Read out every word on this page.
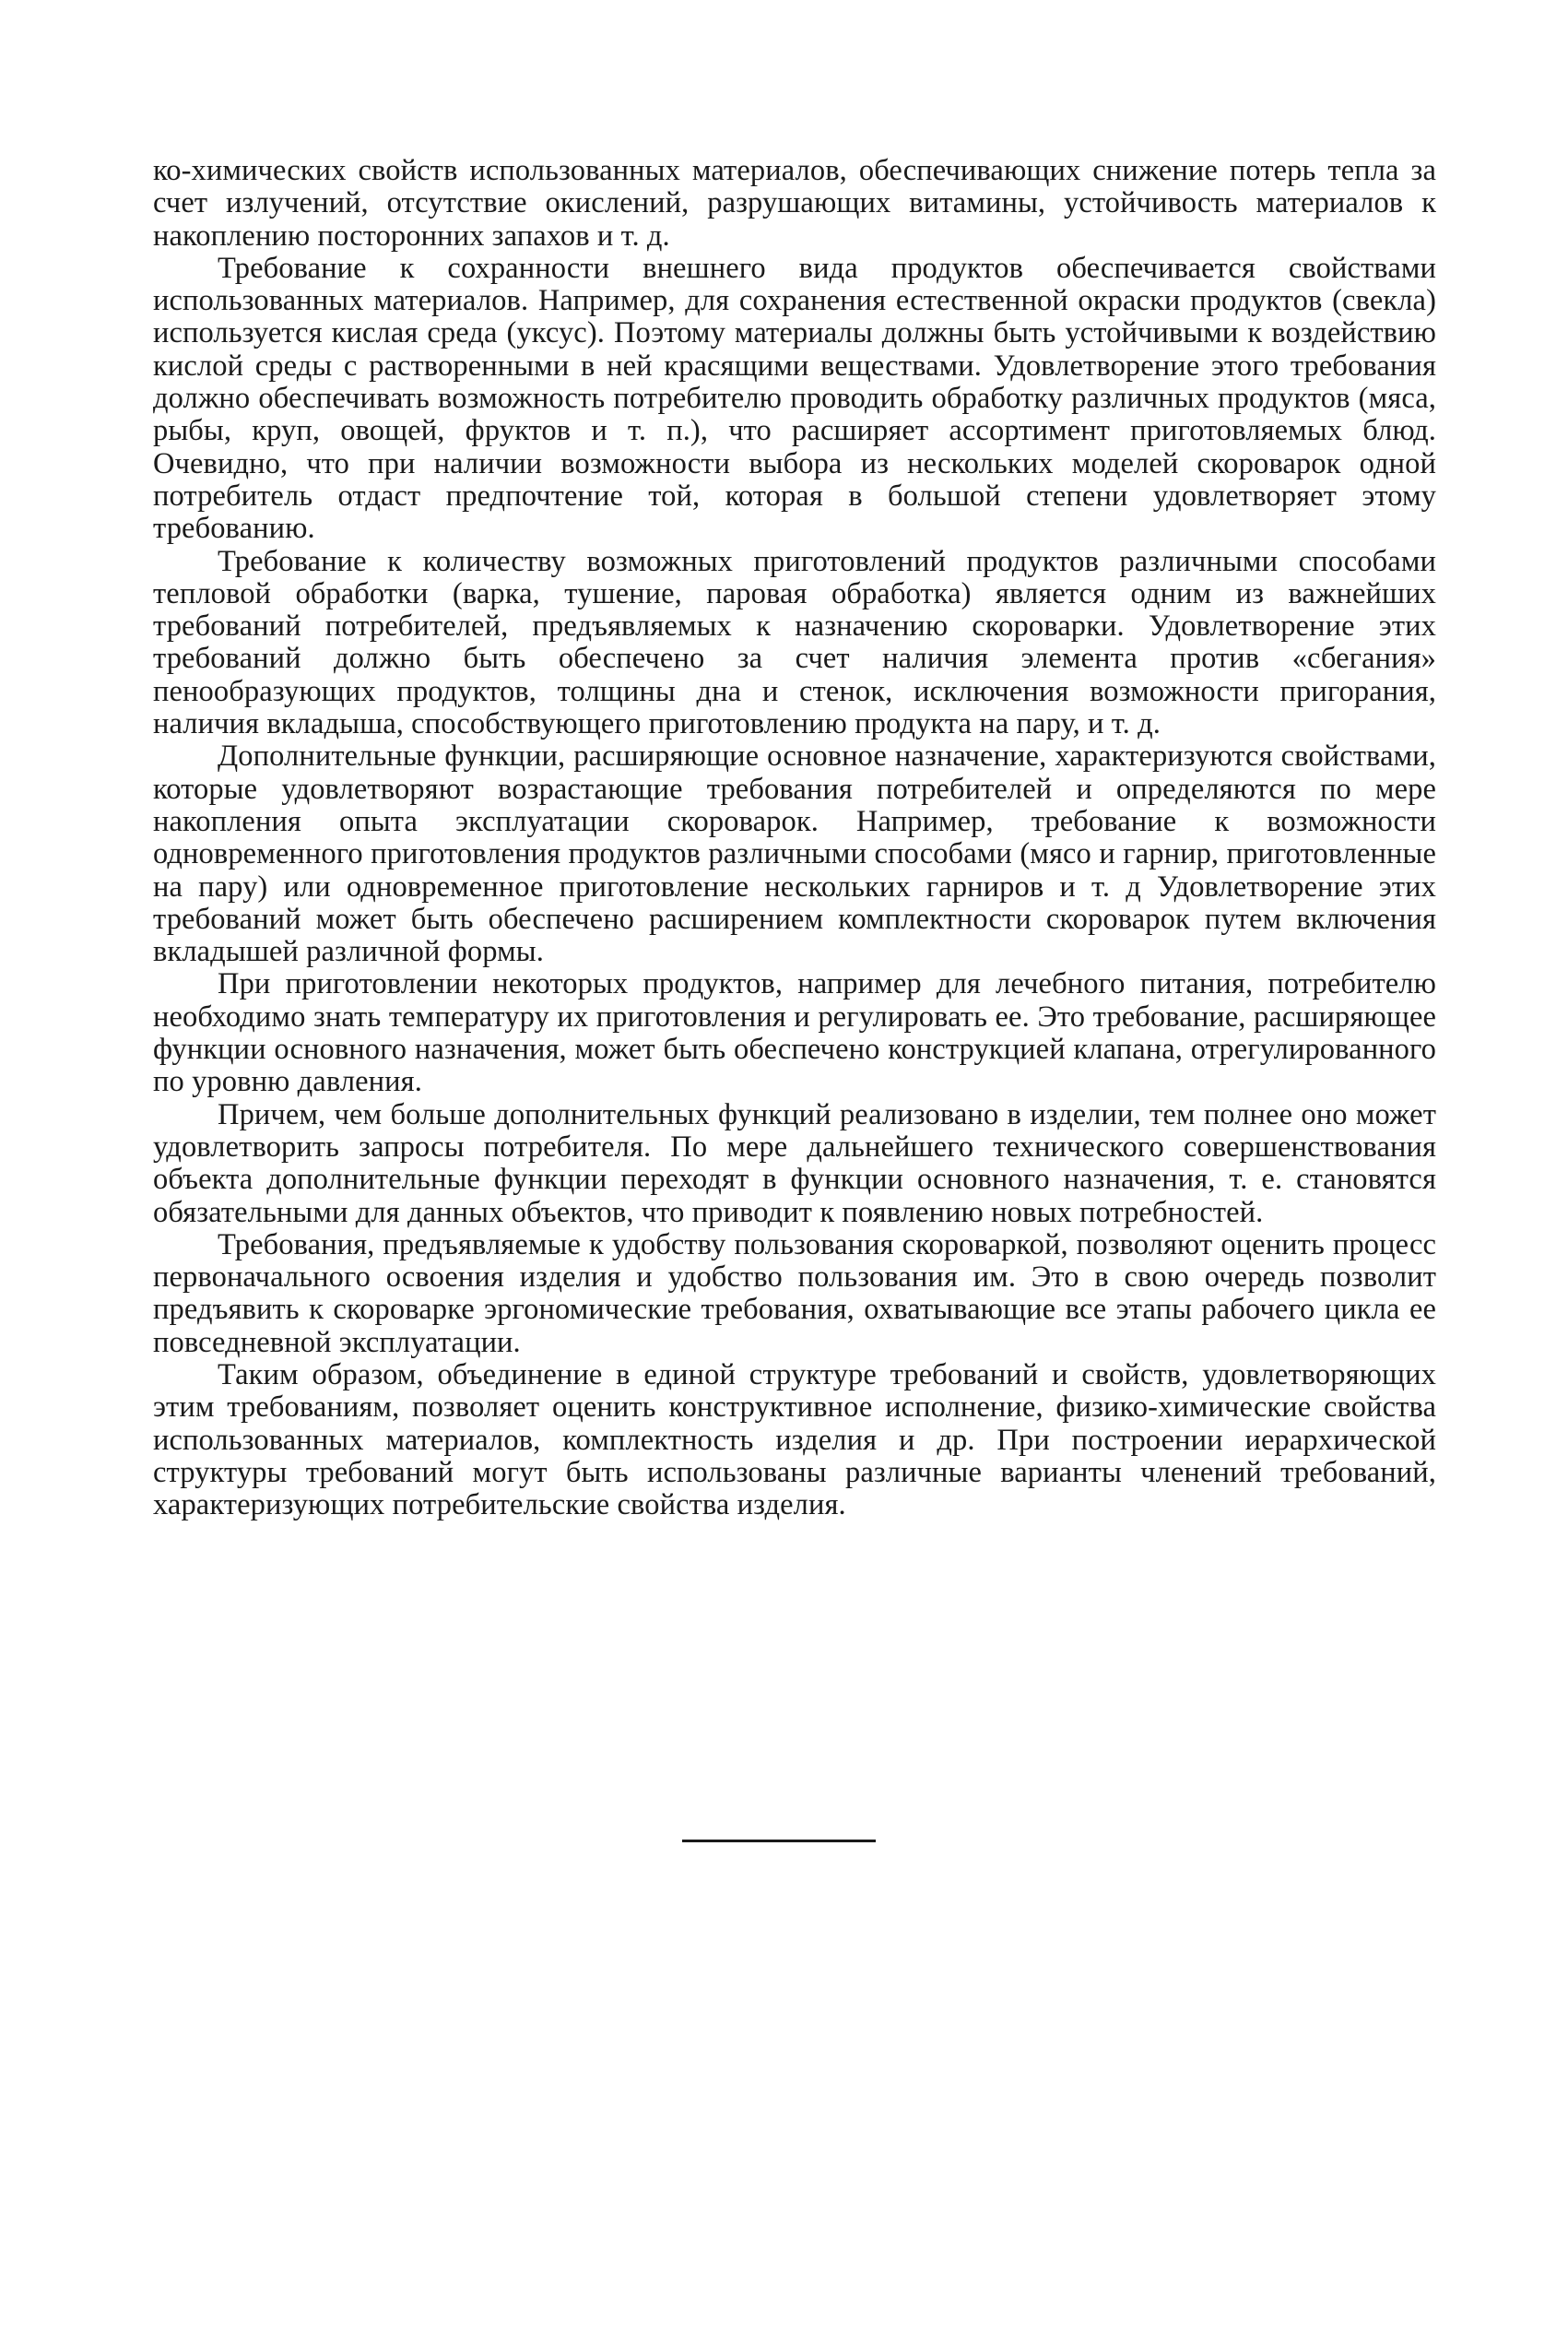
ко-химических свойств использованных материалов, обеспечивающих снижение потерь тепла за счет излучений, отсутствие окислений, разрушающих витамины, устойчивость материалов к накоплению посторонних запахов и т. д.

Требование к сохранности внешнего вида продуктов обеспечивается свойствами использованных материалов. Например, для сохранения естественной окраски продуктов (свекла) используется кислая среда (уксус). Поэтому материалы должны быть устойчивыми к воздействию кислой среды с растворенными в ней красящими веществами. Удовлетворение этого требования должно обеспечивать возможность потребителю проводить обработку различных продуктов (мяса, рыбы, круп, овощей, фруктов и т. п.), что расширяет ассортимент приготовляемых блюд. Очевидно, что при наличии возможности выбора из нескольких моделей скороварок одной потребитель отдаст предпочтение той, которая в большой степени удовлетворяет этому требованию.

Требование к количеству возможных приготовлений продуктов различными способами тепловой обработки (варка, тушение, паровая обработка) является одним из важнейших требований потребителей, предъявляемых к назначению скороварки. Удовлетворение этих требований должно быть обеспечено за счет наличия элемента против «сбегания» пенообразующих продуктов, толщины дна и стенок, исключения возможности пригорания, наличия вкладыша, способствующего приготовлению продукта на пару, и т. д.

Дополнительные функции, расширяющие основное назначение, характеризуются свойствами, которые удовлетворяют возрастающие требования потребителей и определяются по мере накопления опыта эксплуатации скороварок. Например, требование к возможности одновременного приготовления продуктов различными способами (мясо и гарнир, приготовленные на пару) или одновременное приготовление нескольких гарниров и т. д Удовлетворение этих требований может быть обеспечено расширением комплектности скороварок путем включения вкладышей различной формы.

При приготовлении некоторых продуктов, например для лечебного питания, потребителю необходимо знать температуру их приготовления и регулировать ее. Это требование, расширяющее функции основного назначения, может быть обеспечено конструкцией клапана, отрегулированного по уровню давления.

Причем, чем больше дополнительных функций реализовано в изделии, тем полнее оно может удовлетворить запросы потребителя. По мере дальнейшего технического совершенствования объекта дополнительные функции переходят в функции основного назначения, т. е. становятся обязательными для данных объектов, что приводит к появлению новых потребностей.

Требования, предъявляемые к удобству пользования скороваркой, позволяют оценить процесс первоначального освоения изделия и удобство пользования им. Это в свою очередь позволит предъявить к скороварке эргономические требования, охватывающие все этапы рабочего цикла ее повседневной эксплуатации.

Таким образом, объединение в единой структуре требований и свойств, удовлетворяющих этим требованиям, позволяет оценить конструктивное исполнение, физико-химические свойства использованных материалов, комплектность изделия и др. При построении иерархической структуры требований могут быть использованы различные варианты членений требований, характеризующих потребительские свойства изделия.
